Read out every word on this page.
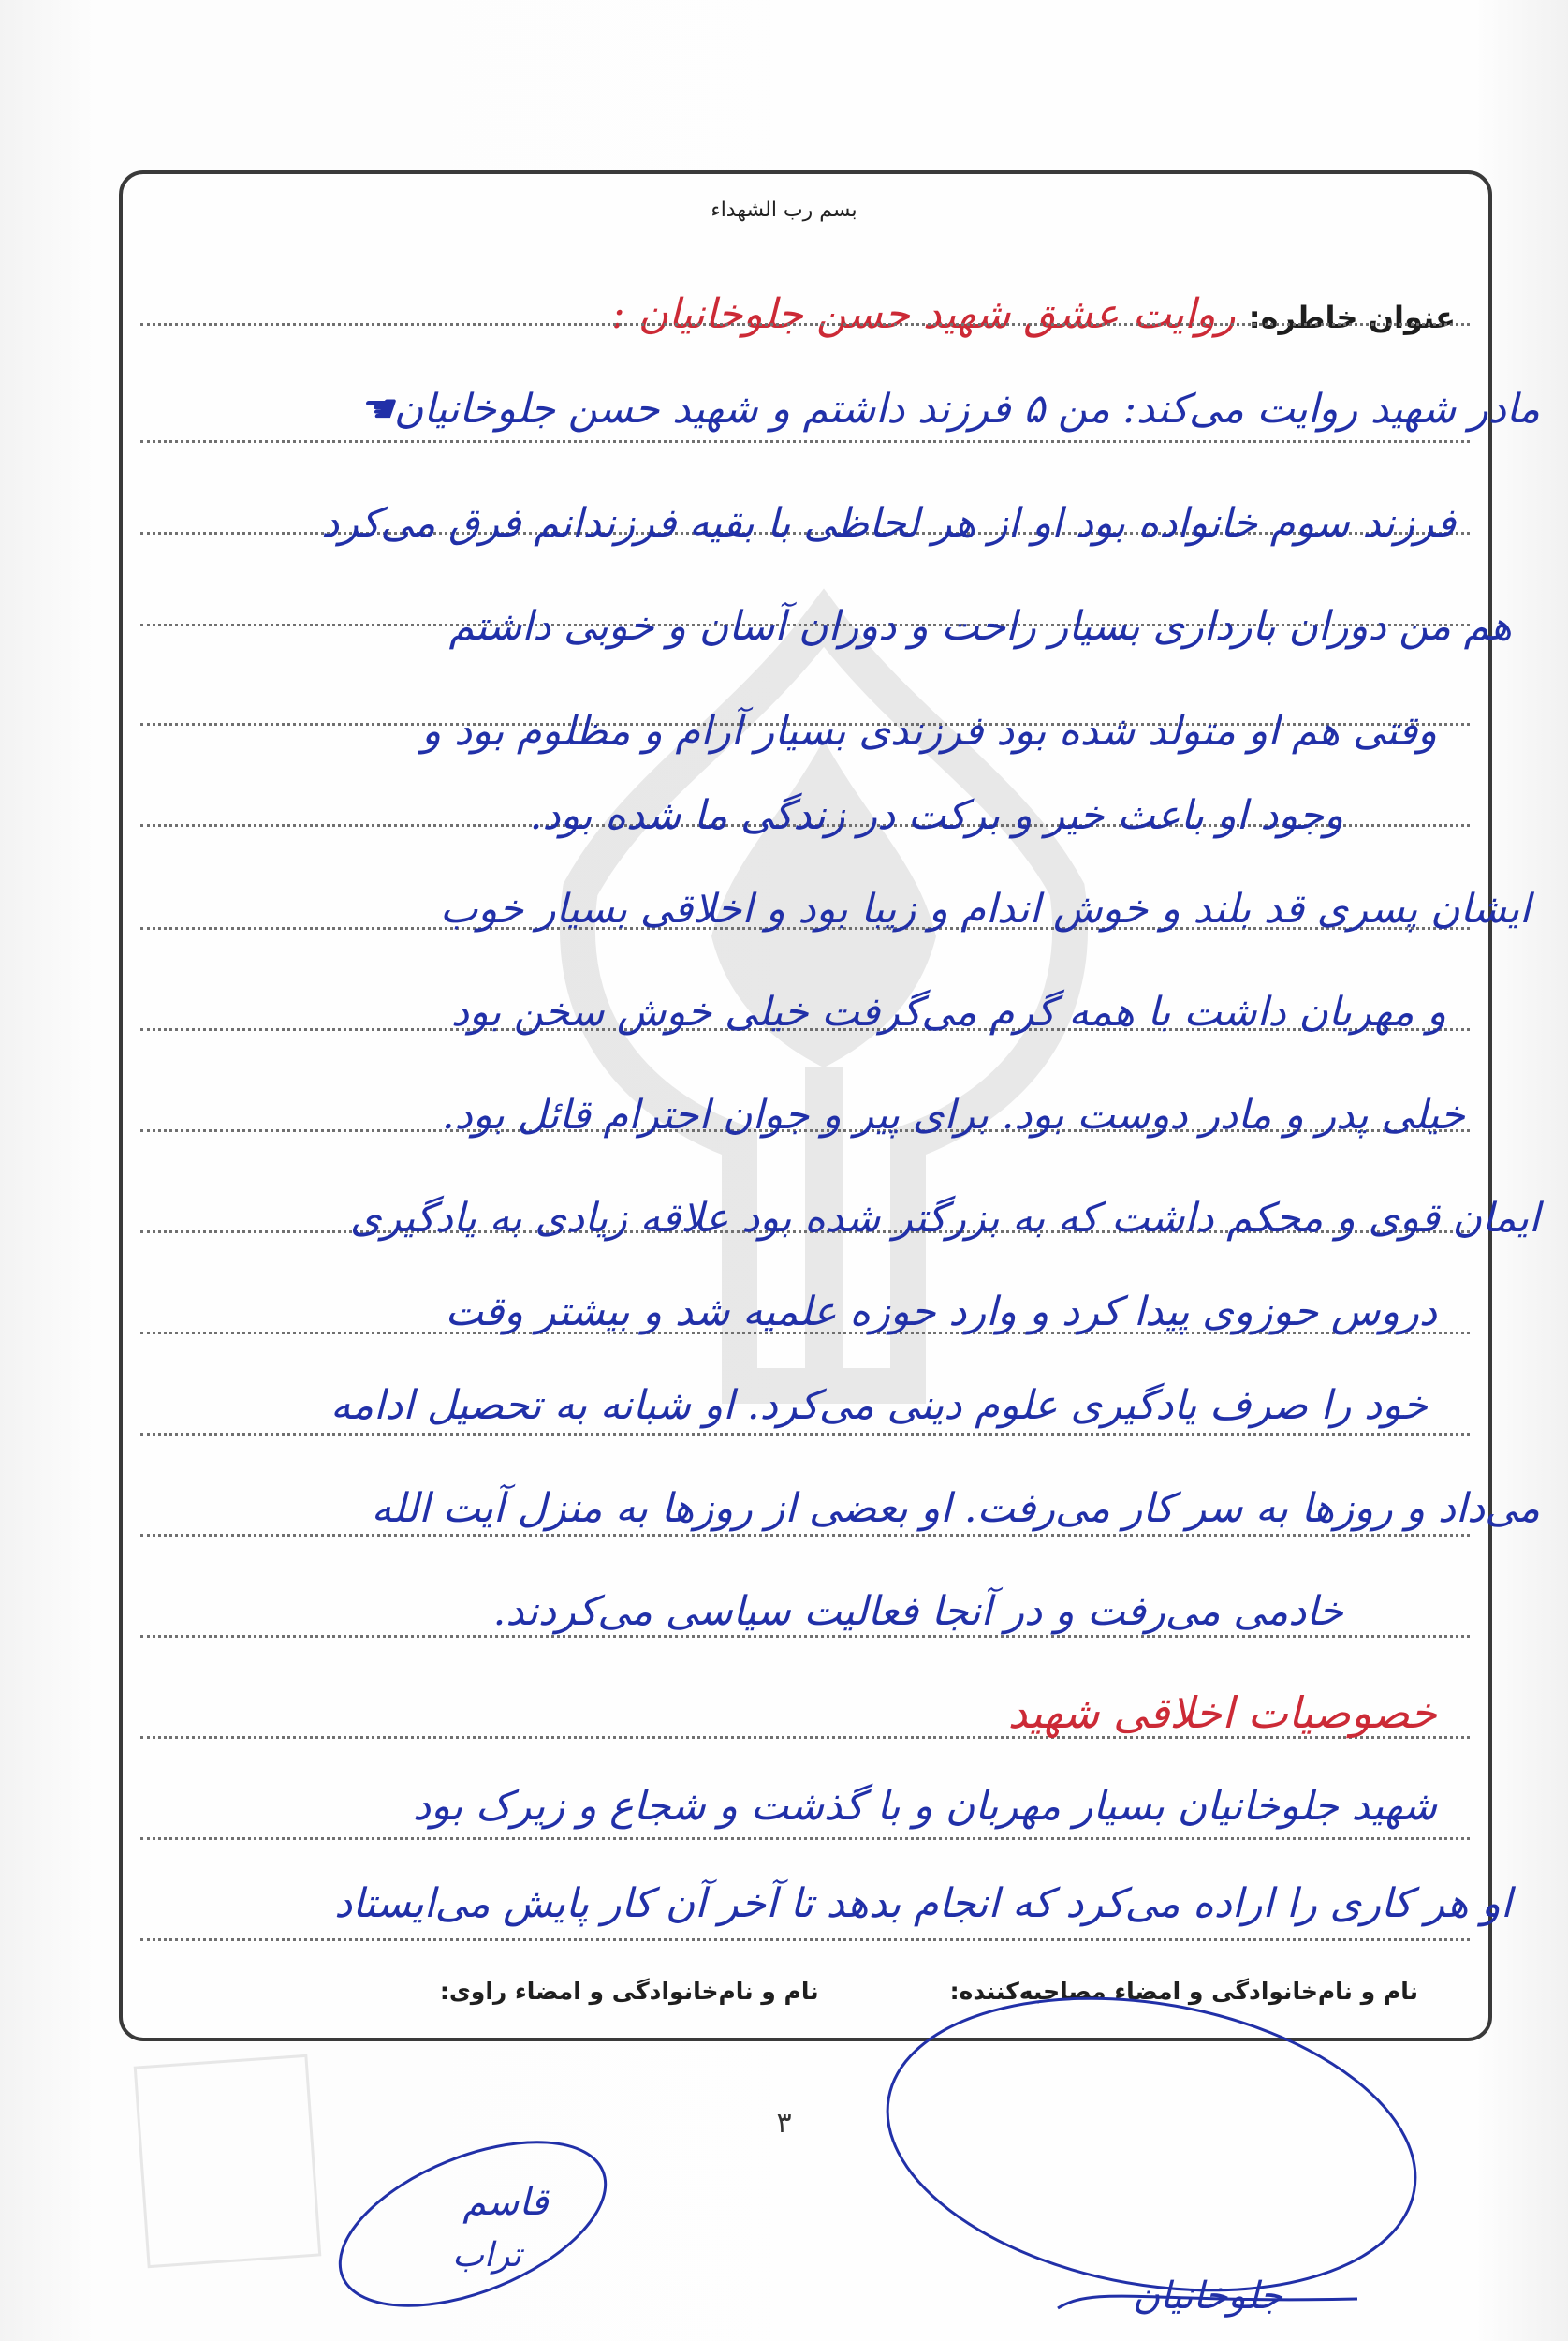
بسم رب الشهداء
عنوان خاطره:
روایت عشق شهید حسن جلوخانیان :
مادر شهید روایت می‌کند: من ۵ فرزند داشتم و شهید حسن جلوخانیان☚
فرزند سوم خانواده بود او از هر لحاظی با بقیه فرزندانم فرق می‌کرد
هم من دوران بارداری بسیار راحت و دوران آسان و خوبی داشتم
وقتی هم او متولد شده بود فرزندی بسیار آرام و مظلوم بود و
وجود او باعث خیر و برکت در زندگی ما شده بود.
ایشان پسری قد بلند و خوش اندام و زیبا بود و اخلاقی بسیار خوب
و مهربان داشت با همه گرم می‌گرفت خیلی خوش سخن بود
خیلی پدر و مادر دوست بود. برای پیر و جوان احترام قائل بود.
ایمان قوی و محکم داشت که به بزرگتر شده بود علاقه زیادی به یادگیری
دروس حوزوی پیدا کرد و وارد حوزه علمیه شد و بیشتر وقت
خود را صرف یادگیری علوم دینی می‌کرد. او شبانه به تحصیل ادامه
می‌داد و روزها به سر کار می‌رفت. او بعضی از روزها به منزل آیت الله
خادمی می‌رفت و در آنجا فعالیت سیاسی می‌کردند.
خصوصیات اخلاقی شهید
شهید جلوخانیان بسیار مهربان و با گذشت و شجاع و زیرک بود
او هر کاری را اراده می‌کرد که انجام بدهد تا آخر آن کار پایش می‌ایستاد
نام و نام‌خانوادگی و امضاء مصاحبه‌کننده:
نام و نام‌خانوادگی و امضاء راوی:
۳
قاسم
تراب
جلوخانیان
